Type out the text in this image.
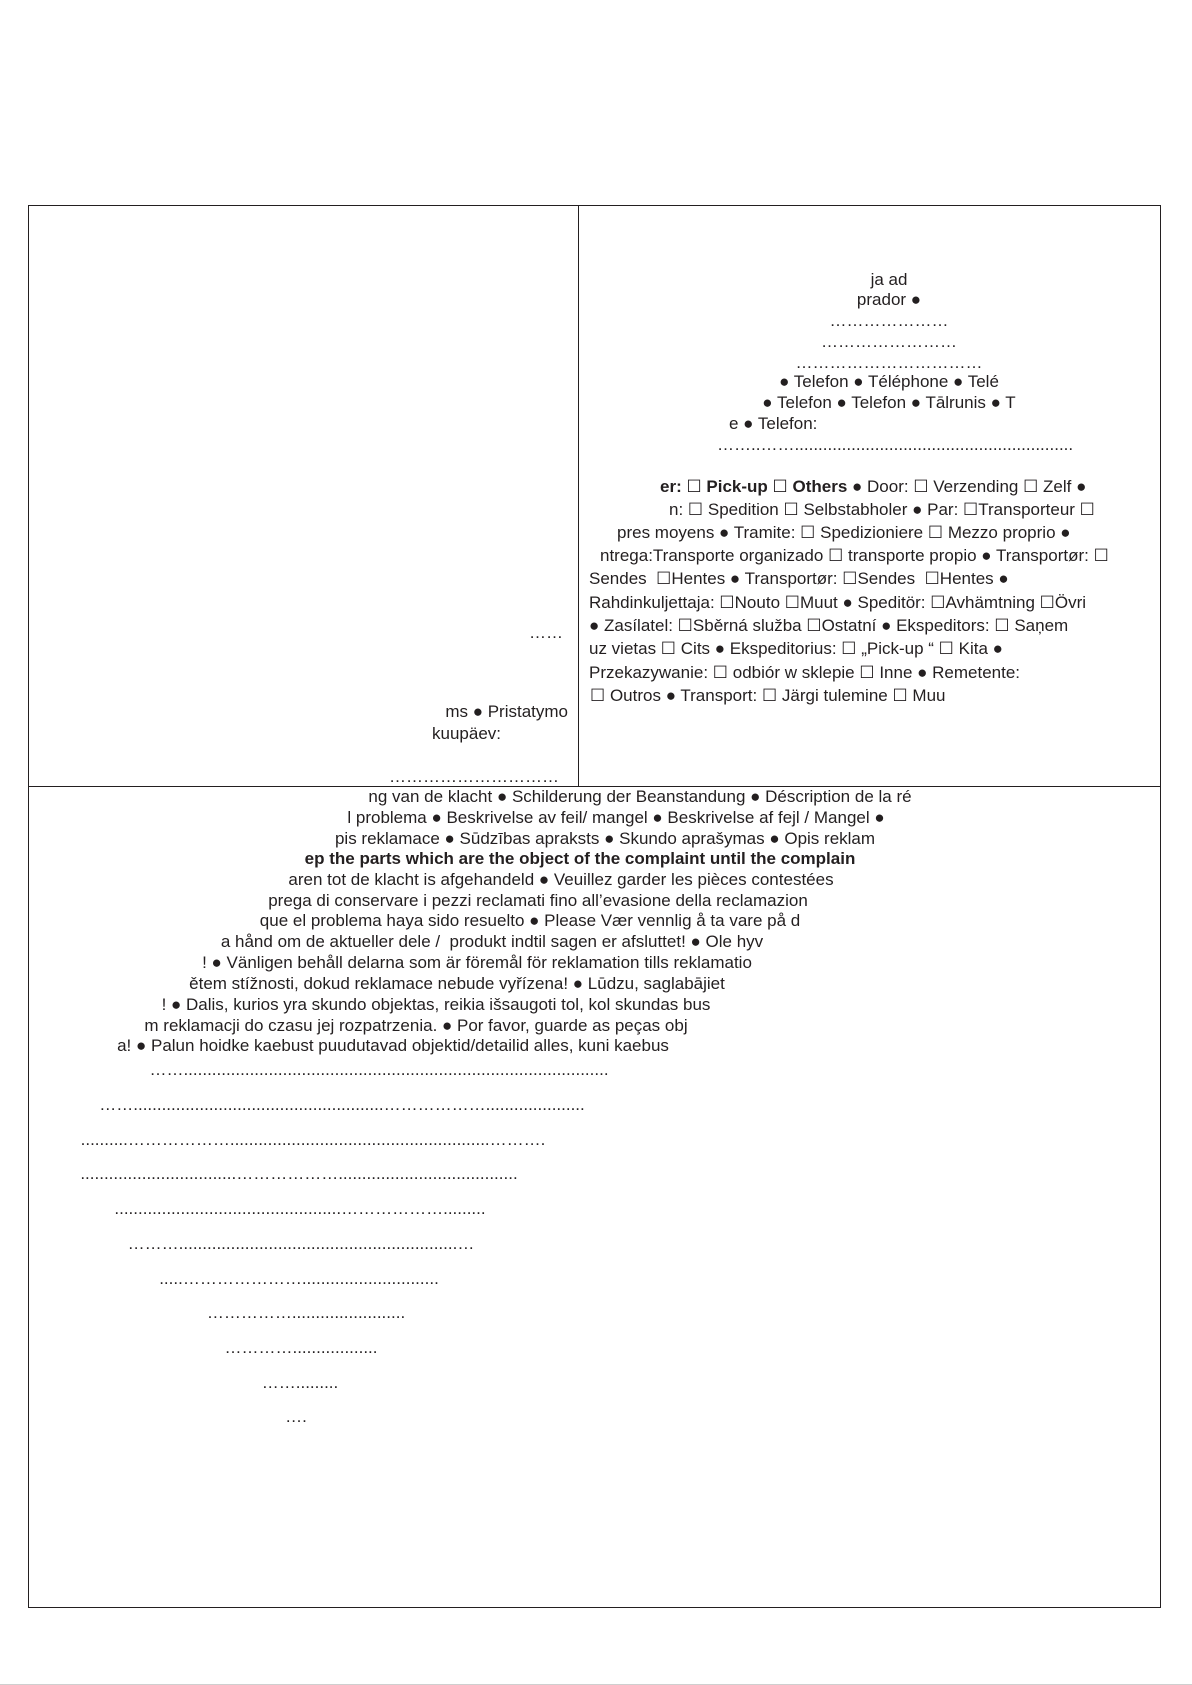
ja ad
prador ●
…………………
……………………
……………………………
● Telefon ● Téléphone ● Telé
● Telefon ● Telefon ● Tālrunis ● T
e ● Telefon:
……..……...........................................................
er: ☐ Pick-up ☐ Others ● Door: ☐ Verzending ☐ Zelf ●
n: ☐ Spedition ☐ Selbstabholer ● Par: ☐Transporteur ☐
pres moyens ● Tramite: ☐ Spedizioniere ☐ Mezzo proprio ●
ntrega:Transporte organizado ☐ transporte propio ● Transportør: ☐
Sendes  ☐Hentes ● Transportør: ☐Sendes  ☐Hentes ●
Rahdinkuljettaja: ☐Nouto ☐Muut ● Speditör: ☐Avhämtning ☐Övri
● Zasílatel: ☐Sběrná služba ☐Ostatní ● Ekspeditors: ☐ Saņem
uz vietas ☐ Cits ● Ekspeditorius: ☐ „Pick-up “ ☐ Kita ●
Przekazywanie: ☐ odbiór w sklepie ☐ Inne ● Remetente:
☐ Outros ● Transport: ☐ Järgi tulemine ☐ Muu
……
ms ● Pristatymo
kuupäev:
…………………………
ng van de klacht ● Schilderung der Beanstandung ● Déscription de la ré
l problema ● Beskrivelse av feil/ mangel ● Beskrivelse af fejl / Mangel ●
pis reklamace ● Sūdzības apraksts ● Skundo aprašymas ● Opis reklam
ep the parts which are the object of the complaint until the complain
aren tot de klacht is afgehandeld ● Veuillez garder les pièces contestées
prega di conservare i pezzi reclamati fino all’evasione della reclamazion
que el problema haya sido resuelto ● Please Vær vennlig å ta vare på d
a hånd om de aktueller dele /  produkt indtil sagen er afsluttet! ● Ole hyv
! ● Vänligen behåll delarna som är föremål för reklamation tills reklamatio
ětem stížnosti, dokud reklamace nebude vyřízena! ● Lūdzu, saglabājiet
! ● Dalis, kurios yra skundo objektas, reikia išsaugoti tol, kol skundas bus
m reklamacji do czasu jej rozpatrzenia. ● Por favor, guarde as peças obj
a! ● Palun hoidke kaebust puudutavad objektid/detailid alles, kuni kaebus
……..........................................................................................
…….....................................................……………….....................
..........……………….......................................................……….
.................................………………......................................
................................................……………….........
………...........................................................…
.....………………….............................
……………........................
…………..................
…….........
….
